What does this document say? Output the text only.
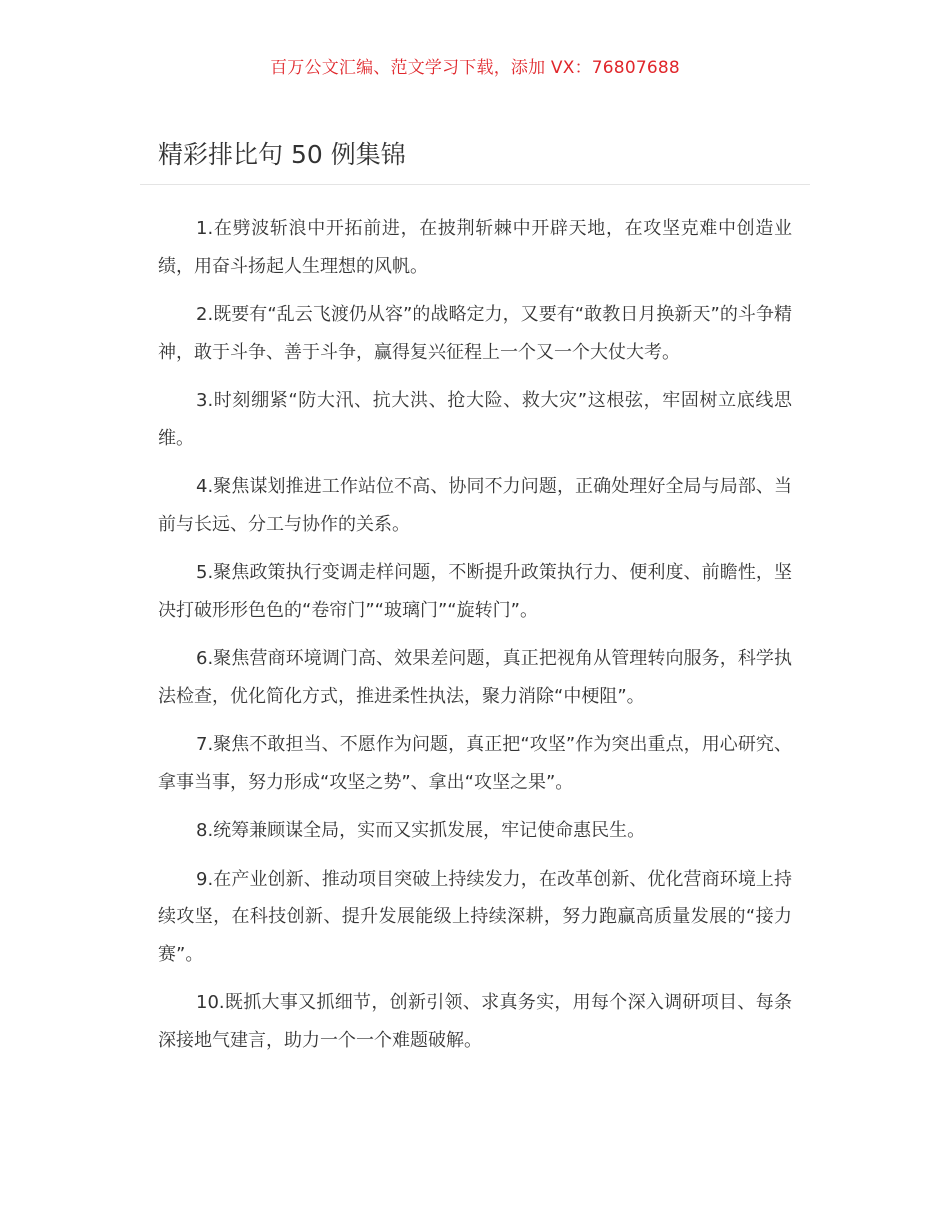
百万公文汇编、范文学习下载，添加 VX：76807688
精彩排比句 50 例集锦

1.在劈波斩浪中开拓前进，在披荆斩棘中开辟天地，在攻坚克难中创造业绩，用奋斗扬起人生理想的风帆。

2.既要有“乱云飞渡仍从容”的战略定力，又要有“敢教日月换新天”的斗争精神，敢于斗争、善于斗争，赢得复兴征程上一个又一个大仗大考。

3.时刻绷紧“防大汛、抗大洪、抢大险、救大灾”这根弦，牢固树立底线思维。

4.聚焦谋划推进工作站位不高、协同不力问题，正确处理好全局与局部、当前与长远、分工与协作的关系。

5.聚焦政策执行变调走样问题，不断提升政策执行力、便利度、前瞻性，坚决打破形形色色的“卷帘门”“玻璃门”“旋转门”。

6.聚焦营商环境调门高、效果差问题，真正把视角从管理转向服务，科学执法检查，优化简化方式，推进柔性执法，聚力消除“中梗阻”。

7.聚焦不敢担当、不愿作为问题，真正把“攻坚”作为突出重点，用心研究、拿事当事，努力形成“攻坚之势”、拿出“攻坚之果”。

8.统筹兼顾谋全局，实而又实抓发展，牢记使命惠民生。

9.在产业创新、推动项目突破上持续发力，在改革创新、优化营商环境上持续攻坚，在科技创新、提升发展能级上持续深耕，努力跑赢高质量发展的“接力赛”。

10.既抓大事又抓细节，创新引领、求真务实，用每个深入调研项目、每条深接地气建言，助力一个一个难题破解。
